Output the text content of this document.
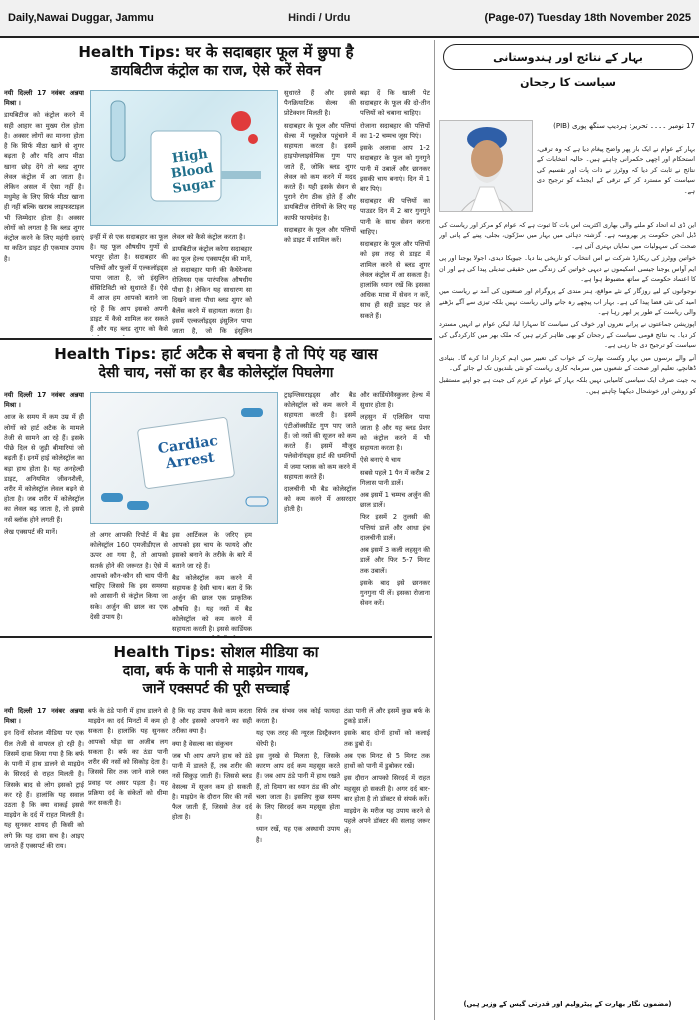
Daily,Nawai Duggar, Jammu	Hindi / Urdu	(Page-07) Tuesday 18th November 2025
Health Tips: घर के सदाबहार फूल में छुपा है
डायबिटीज कंट्रोल का राज, ऐसे करें सेवन

नयी दिल्ली 17 नवंबर अन्नया मिश्रा ।

डायबिटीज को कंट्रोल करने में सही आहार का मुख्य रोल होता है। अक्सर लोगों का मानना होता है कि सिर्फ मीठा खाने से शुगर बढ़ता है और यदि आप मीठा खाना छोड़ देंगे तो ब्लड शुगर लेवल कंट्रोल में आ जाता है। लेकिन असल में ऐसा नहीं है। मधुमेह के लिए सिर्फ मीठा खाना ही नहीं बल्कि खराब लाइफस्टाइल भी जिम्मेदार होता है। अक्सर लोगों को लगता है कि ब्लड शुगर कंट्रोल करने के लिए महंगी दवाएं या कठिन डाइट ही एकमात्र उपाय है।

High Blood Sugar

इन्हीं में से एक सदाबहार का फूल है। यह फूल औषधीय गुणों से भरपूर होता है। सदाबहार की पत्तियों और फूलों में एल्कलॉइड्स पाया जाता है, जो इंसुलिन सेंसिटिविटी को सुधारते हैं। ऐसे में आज हम आपको बताने जा रहे हैं कि आप इसको अपनी डाइट में कैसे शामिल कर सकते हैं और यह ब्लड शुगर को कैसे

लेवल को कैसे कंट्रोल करता है।

डायबिटीज कंट्रोल करेगा सदाबहार का फूल हेल्थ एक्सपर्ट्स की मानें, तो सदाबहार यानी की कैथेरेन्थस रोजियस एक पारंपरिक औषधीय पौधा है। लेकिन यह साधारण सा दिखने वाला पौधा ब्लड शुगर को बैलेंस करने में सहायता करता है। इसमें एल्कलॉइड्स इंसुलिन पाया जाता है, जो कि इंसुलिन

सुधारते हैं और इससे पैनक्रियाटिक सेल्स की प्रोटेक्शन मिलती है।

सदाबहार के फूल और पत्तियां सेल्स में ग्लूकोज पहुंचाने में सहायता करता है। इसमें हाइपोग्लाइसेमिक गुण पाए जाते हैं, जोकि ब्लड शुगर लेवल को कम करने में मदद करते हैं। यही इसके सेवन से पुराने रोग ठीक होते हैं और डायबिटीज रोगियों के लिए यह काफी फायदेमंद है।

सदाबहार के फूल और पत्तियों को डाइट में शामिल करें।

बढ़ा दें कि खाली पेट सदाबहार के फूल की दो-तीन पत्तियों को चबाना चाहिए।

रोजाना सदाबहार की पत्तियों का 1-2 चम्मच जूस पिएं।

इसके अलावा आप 1-2 सदाबहार के फूल को गुनगुने पानी में उबालें और छानकर इसकी चाय बनाएं। दिन में 1 बार पिएं।

सदाबहार की पत्तियों का पाउडर दिन में 2 बार गुनगुने पानी के साथ सेवन करना चाहिए।

सदाबहार के फूल और पत्तियों को इस तरह से डाइट में शामिल करने से ब्लड शुगर लेवल कंट्रोल में आ सकता है। हालांकि ध्यान रखें कि इसका अधिक मात्रा में सेवन न करें, साथ ही सही डाइट फर ले सकते हैं।

Health Tips: हार्ट अटैक से बचना है तो पिएं यह खास
देसी चाय, नसों का हर बैड कोलेस्ट्रॉल पिघलेगा

नयी दिल्ली 17 नवंबर अन्नया मिश्रा ।

आज के समय में कम उम्र में ही लोगों को हार्ट अटैक के मामले तेजी से सामने आ रहे हैं। इसके पीछे दिल से जुड़ी बीमारियां जो बढ़ती हैं। इनमें हाई कोलेस्ट्रॉल का बड़ा हाथ होता है। यह अनहेल्दी डाइट, अनियमित जीवनशैली, शरीर में कोलेस्ट्रॉल लेवल बढ़ने से होता है। जब शरीर में कोलेस्ट्रॉल का लेवल बढ़ जाता है, तो इससे नसें ब्लॉक होने लगती हैं।

लेख एक्सपर्ट की मानें।

Cardiac Arrest

तो अगर आपकी रिपोर्ट में बैड कोलेस्ट्रॉल 160 एमजीडीएल से ऊपर आ गया है, तो आपको सतर्क होने की जरूरत है। ऐसे में आपको कौन-कौन सी चाय पीनी चाहिए जिससे कि इस समस्या को आसानी से कंट्रोल किया जा सके। अर्जुन की छाल का एक देसी उपाय है।

इस आर्टिकल के जरिए हम आपको इस चाय के फायदे और इसको बनाने के तरीके के बारे में बताने जा रहे हैं।

बैड कोलेस्ट्रॉल कम करने में सहायक है देसी चाय। बता दें कि अर्जुन की छाल एक प्राकृतिक औषधि है। यह नसों में बैड कोलेस्ट्रॉल को कम करने में सहायता करती है। इससे कार्डियक

ट्राइग्लिसराइड्स और बैड कोलेस्ट्रॉल को कम करने में सहायता करती है। इसमें एंटीऑक्सीडेंट गुण पाए जाते हैं। जो नसों की सूजन को कम करते हैं। इसमें मौजूद फ्लेवोनॉयड्स हार्ट की धमनियों में जमा प्लाक को कम करने में सहायता करते हैं।

दालचीनी भी बैड कोलेस्ट्रॉल को कम करने में असरदार होती है।

और कार्डियोवैस्कुलर हेल्थ में सुधार होता है।

लहसुन में एलिसिन पाया जाता है और यह ब्लड प्रेशर को कंट्रोल करने में भी सहायता करता है।

ऐसे बनाएं ये चाय

सबसे पहले 1 पैन में करीब 2 गिलास पानी डालें।

अब इसमें 1 चम्मच अर्जुन की छाल डालें।

फिर इसमें 2 तुलसी की पत्तियां डालें और आधा इंच दालचीनी डालें।

अब इसमें 3 कली लहसुन की डालें और फिर 5-7 मिनट तक उबालें।

इसके बाद इसे छानकर गुनगुना पी लें। इसका रोजाना सेवन करें।

Health Tips: सोशल मीडिया का
दावा, बर्फ के पानी से माइग्रेन गायब,
जानें एक्सपर्ट की पूरी सच्चाई

नयी दिल्ली 17 नवंबर अन्नया मिश्रा ।

इन दिनों सोशल मीडिया पर एक रील तेजी से वायरल हो रही है। जिसमें दावा किया गया है कि बर्फ के पानी में हाथ डालने से माइग्रेन के सिरदर्द से राहत मिलती है। जिसके बाद से लोग इसको ट्राई कर रहे हैं। हालांकि यह सवाल उठता है कि क्या वाकई इससे माइग्रेन के दर्द में राहत मिलती है। यह सुनकर शायद ही किसी को लगे कि यह दावा सच है। आइए जानते हैं एक्सपर्ट की राय।

बर्फ के ठंडे पानी में हाथ डालने से माइग्रेन का दर्द मिनटों में कम हो सकता है। हालांकि यह सुनकर आपको थोड़ा सा अजीब लग सकता है। बर्फ का ठंडा पानी शरीर की नसों को सिकोड़ देता है। जिससे सिर तक जाने वाले रक्त प्रवाह पर असर पड़ता है। यह प्रक्रिया दर्द के संकेतों को धीमा कर सकती है।

है कि यह उपाय कैसे काम करता है और इसको अपनाने का सही तरीका क्या है।

क्या है वेसल्स का संकुचन

जब भी आप अपने हाथ को ठंडे पानी में डालते हैं, तब शरीर की नसें सिकुड़ जाती हैं। जिससे ब्लड वेसल्स में सूजन कम हो सकती है। माइग्रेन के दौरान सिर की नसें फैल जाती हैं, जिससे तेज दर्द होता है।

सिर्फ तब संभव जब कोई फायदा करता है।

यह एक तरह की न्यूरल डिस्ट्रैक्शन थेरेपी है।

इस नुस्खे से मिलता है, जिसके कारण आप दर्द कम महसूस करते हैं। जब आप ठंडे पानी में हाथ रखते हैं, तो दिमाग का ध्यान ठंड की ओर चला जाता है। इसलिए कुछ समय के लिए सिरदर्द कम महसूस होता है।

ध्यान रखें, यह एक अस्थायी उपाय है।

ठंडा पानी लें और इसमें कुछ बर्फ के टुकड़े डालें।

इसके बाद दोनों हाथों को कलाई तक डुबो दें।

अब एक मिनट से 5 मिनट तक हाथों को पानी में डुबोकर रखें।

इस दौरान आपको सिरदर्द में राहत महसूस हो सकती है। अगर दर्द बार-बार होता है तो डॉक्टर से संपर्क करें।

माइग्रेन के मरीज यह उपाय करने से पहले अपने डॉक्टर की सलाह जरूर लें।

بہار کے نتائج اور ہندوستانی
سیاست کا رجحان
17 نومبر ۔۔۔۔ تحریر: ہردیپ سنگھ پوری (PIB)

بہار کے عوام نے ایک بار پھر واضح پیغام دیا ہے کہ وہ ترقی، استحکام اور اچھی حکمرانی چاہتے ہیں۔ حالیہ انتخابات کے نتائج نے ثابت کر دیا کہ ووٹرز نے ذات پات اور تقسیم کی سیاست کو مسترد کر کے ترقی کے ایجنڈے کو ترجیح دی ہے۔

این ڈی اے اتحاد کو ملنے والی بھاری اکثریت اس بات کا ثبوت ہے کہ عوام کو مرکز اور ریاست کی ڈبل انجن حکومت پر بھروسہ ہے۔ گزشتہ دہائی میں بہار میں سڑکوں، بجلی، پینے کے پانی اور صحت کی سہولیات میں نمایاں بہتری آئی ہے۔

خواتین ووٹرز کی ریکارڈ شرکت نے اس انتخاب کو تاریخی بنا دیا۔ جیویکا دیدی، اجولا یوجنا اور پی ایم آواس یوجنا جیسی اسکیموں نے دیہی خواتین کی زندگی میں حقیقی تبدیلی پیدا کی ہے اور ان کا اعتماد حکومت کے ساتھ مضبوط ہوا ہے۔

نوجوانوں کے لیے روزگار کے نئے مواقع، ہنر مندی کے پروگرام اور صنعتوں کی آمد نے ریاست میں امید کی نئی فضا پیدا کی ہے۔ بہار اب پیچھے رہ جانے والی ریاست نہیں بلکہ تیزی سے آگے بڑھنے والی ریاست کے طور پر ابھر رہا ہے۔

اپوزیشن جماعتوں نے پرانے نعروں اور خوف کی سیاست کا سہارا لیا، لیکن عوام نے انہیں مسترد کر دیا۔ یہ نتائج قومی سیاست کے رجحان کو بھی ظاہر کرتے ہیں کہ ملک بھر میں کارکردگی کی سیاست کو ترجیح دی جا رہی ہے۔

آنے والے برسوں میں بہار وکست بھارت کے خواب کی تعبیر میں اہم کردار ادا کرے گا۔ بنیادی ڈھانچے، تعلیم اور صحت کے شعبوں میں سرمایہ کاری ریاست کو نئی بلندیوں تک لے جائے گی۔

یہ جیت صرف ایک سیاسی کامیابی نہیں بلکہ بہار کے عوام کے عزم کی جیت ہے جو اپنے مستقبل کو روشن اور خوشحال دیکھنا چاہتے ہیں۔

(مضمون نگار بھارت کے پیٹرولیم اور قدرتی گیس کے وزیر ہیں)
